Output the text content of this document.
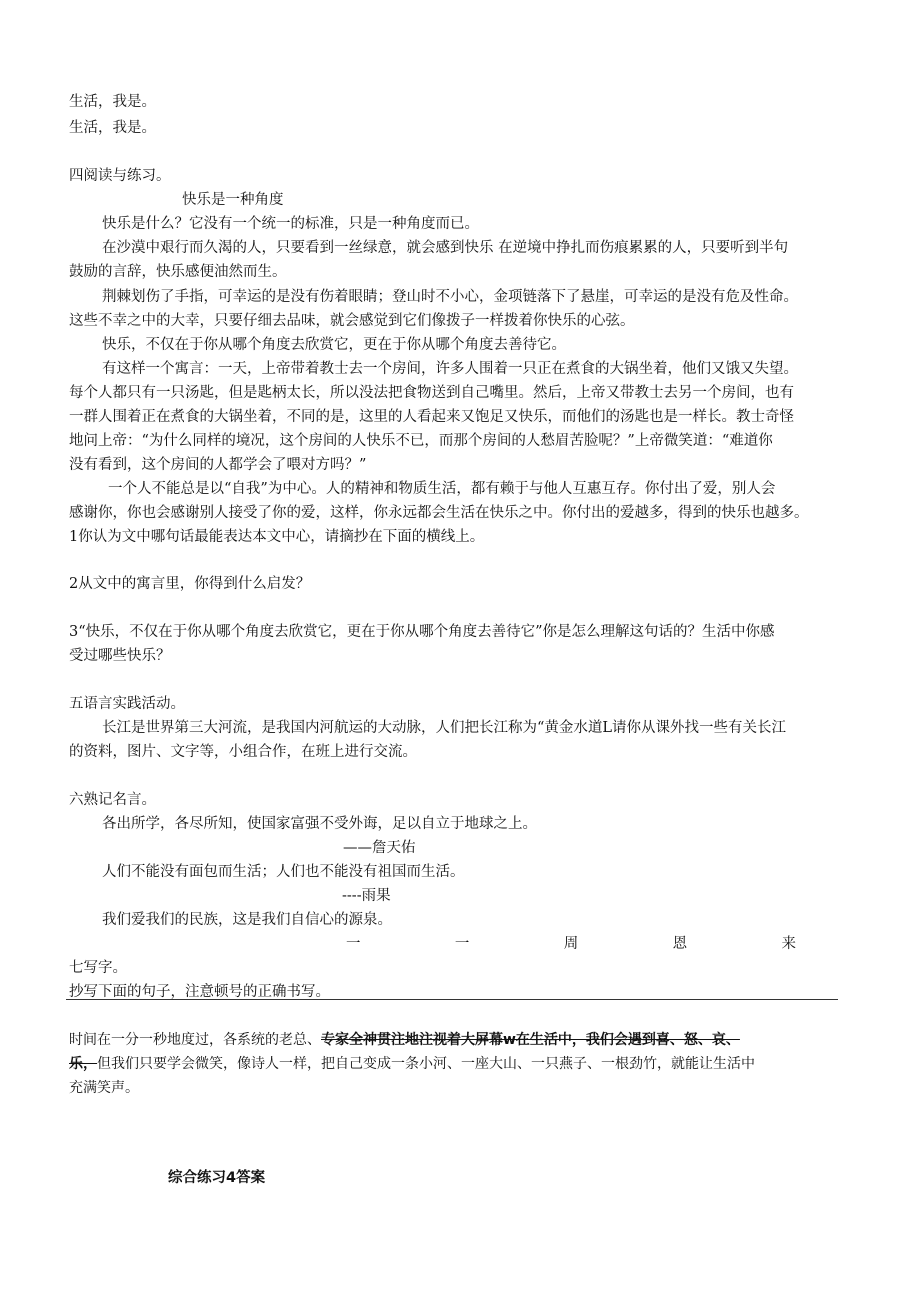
生活，我是。
生活，我是。
四阅读与练习。
快乐是一种角度
快乐是什么？它没有一个统一的标准，只是一种角度而已。
在沙漠中艰行而久渴的人，只要看到一丝绿意，就会感到快乐 在逆境中挣扎而伤痕累累的人，只要听到半句
鼓励的言辞，快乐感便油然而生。
荆棘划伤了手指，可幸运的是没有伤着眼睛；登山时不小心，金项链落下了悬崖，可幸运的是没有危及性命。
这些不幸之中的大幸，只要仔细去品味，就会感觉到它们像拨子一样拨着你快乐的心弦。
快乐，不仅在于你从哪个角度去欣赏它，更在于你从哪个角度去善待它。
有这样一个寓言：一天，上帝带着教士去一个房间，许多人围着一只正在煮食的大锅坐着，他们又饿又失望。
每个人都只有一只汤匙，但是匙柄太长，所以没法把食物送到自己嘴里。然后，上帝又带教士去另一个房间，也有
一群人围着正在煮食的大锅坐着，不同的是，这里的人看起来又饱足又快乐，而他们的汤匙也是一样长。教士奇怪
地问上帝：“为什么同样的境况，这个房间的人快乐不已，而那个房间的人愁眉苦脸呢？”上帝微笑道：“难道你
没有看到，这个房间的人都学会了喂对方吗？”
一个人不能总是以“自我”为中心。人的精神和物质生活，都有赖于与他人互惠互存。你付出了爱，别人会
感谢你，你也会感谢别人接受了你的爱，这样，你永远都会生活在快乐之中。你付出的爱越多，得到的快乐也越多。
1你认为文中哪句话最能表达本文中心，请摘抄在下面的横线上。
2从文中的寓言里，你得到什么启发？
3“快乐，不仅在于你从哪个角度去欣赏它，更在于你从哪个角度去善待它”你是怎么理解这句话的？生活中你感
受过哪些快乐？
五语言实践活动。
长江是世界第三大河流，是我国内河航运的大动脉，人们把长江称为“黄金水道L请你从课外找一些有关长江
的资料，图片、文字等，小组合作，在班上进行交流。
六熟记名言。
各出所学，各尽所知，使国家富强不受外诲，足以自立于地球之上。
——詹天佑
人们不能没有面包而生活；人们也不能没有祖国而生活。
----雨果
我们爱我们的民族，这是我们自信心的源泉。
一	一	周	恩	来
七写字。
抄写下面的句子，注意顿号的正确书写。
时间在一分一秒地度过，各系统的老总、专家全神贯注地注视着大屏幕w在生活中，我们会遇到喜、怒、哀、
乐，但我们只要学会微笑，像诗人一样，把自己变成一条小河、一座大山、一只燕子、一根劲竹，就能让生活中
充满笑声。
综合练习4答案
